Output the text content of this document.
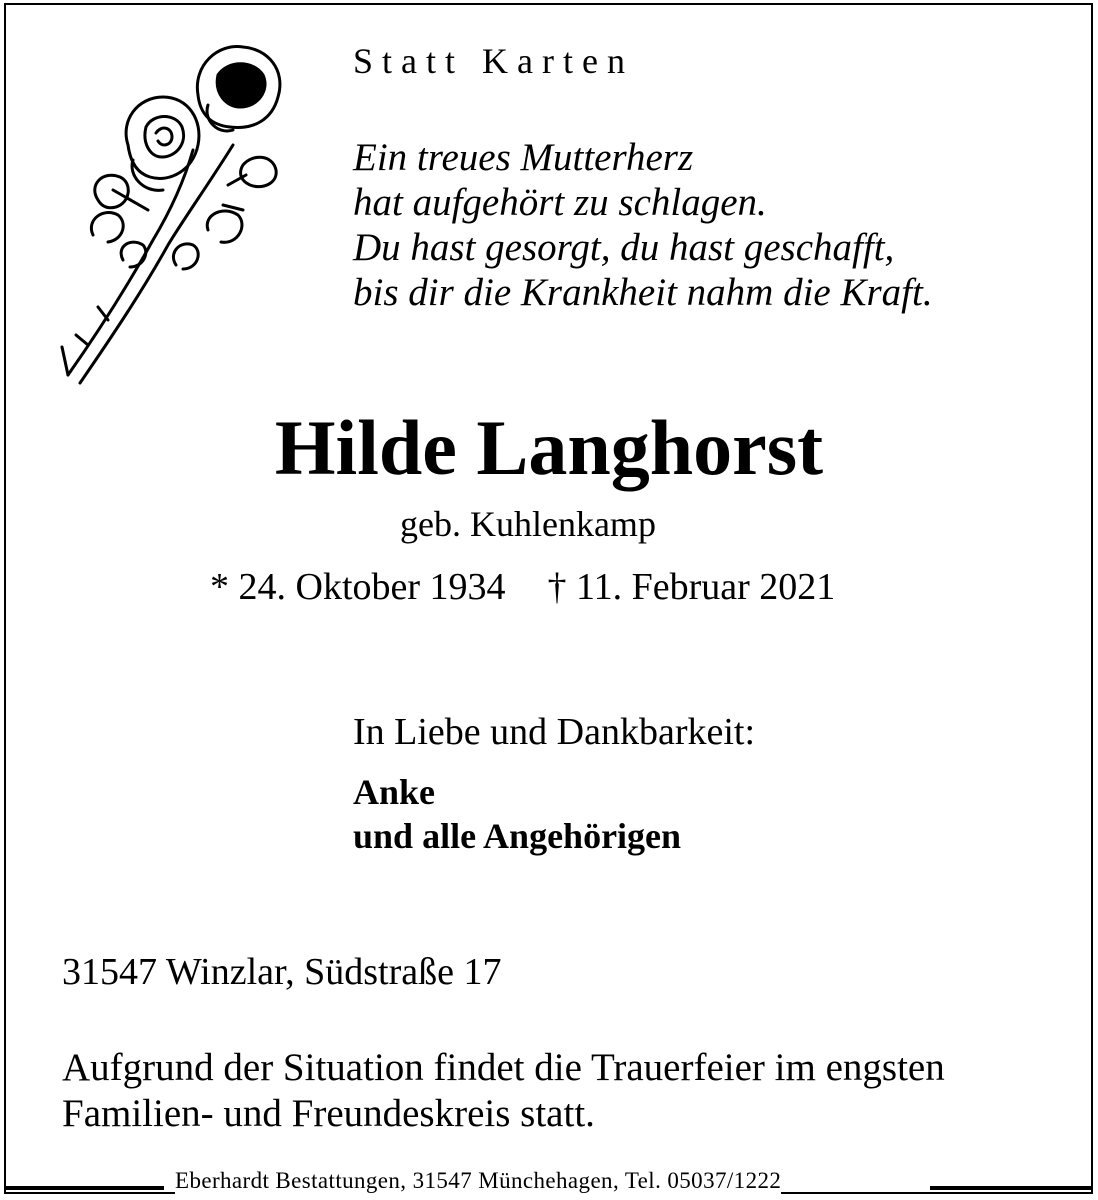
Statt Karten
Ein treues Mutterherz
hat aufgehört zu schlagen.
Du hast gesorgt, du hast geschafft,
bis dir die Krankheit nahm die Kraft.
Hilde Langhorst
geb. Kuhlenkamp
* 24. Oktober 1934 † 11. Februar 2021
In Liebe und Dankbarkeit:
Anke
und alle Angehörigen
31547 Winzlar, Südstraße 17
Aufgrund der Situation findet die Trauerfeier im engsten
Familien- und Freundeskreis statt.
Eberhardt Bestattungen, 31547 Münchehagen, Tel. 05037/1222
